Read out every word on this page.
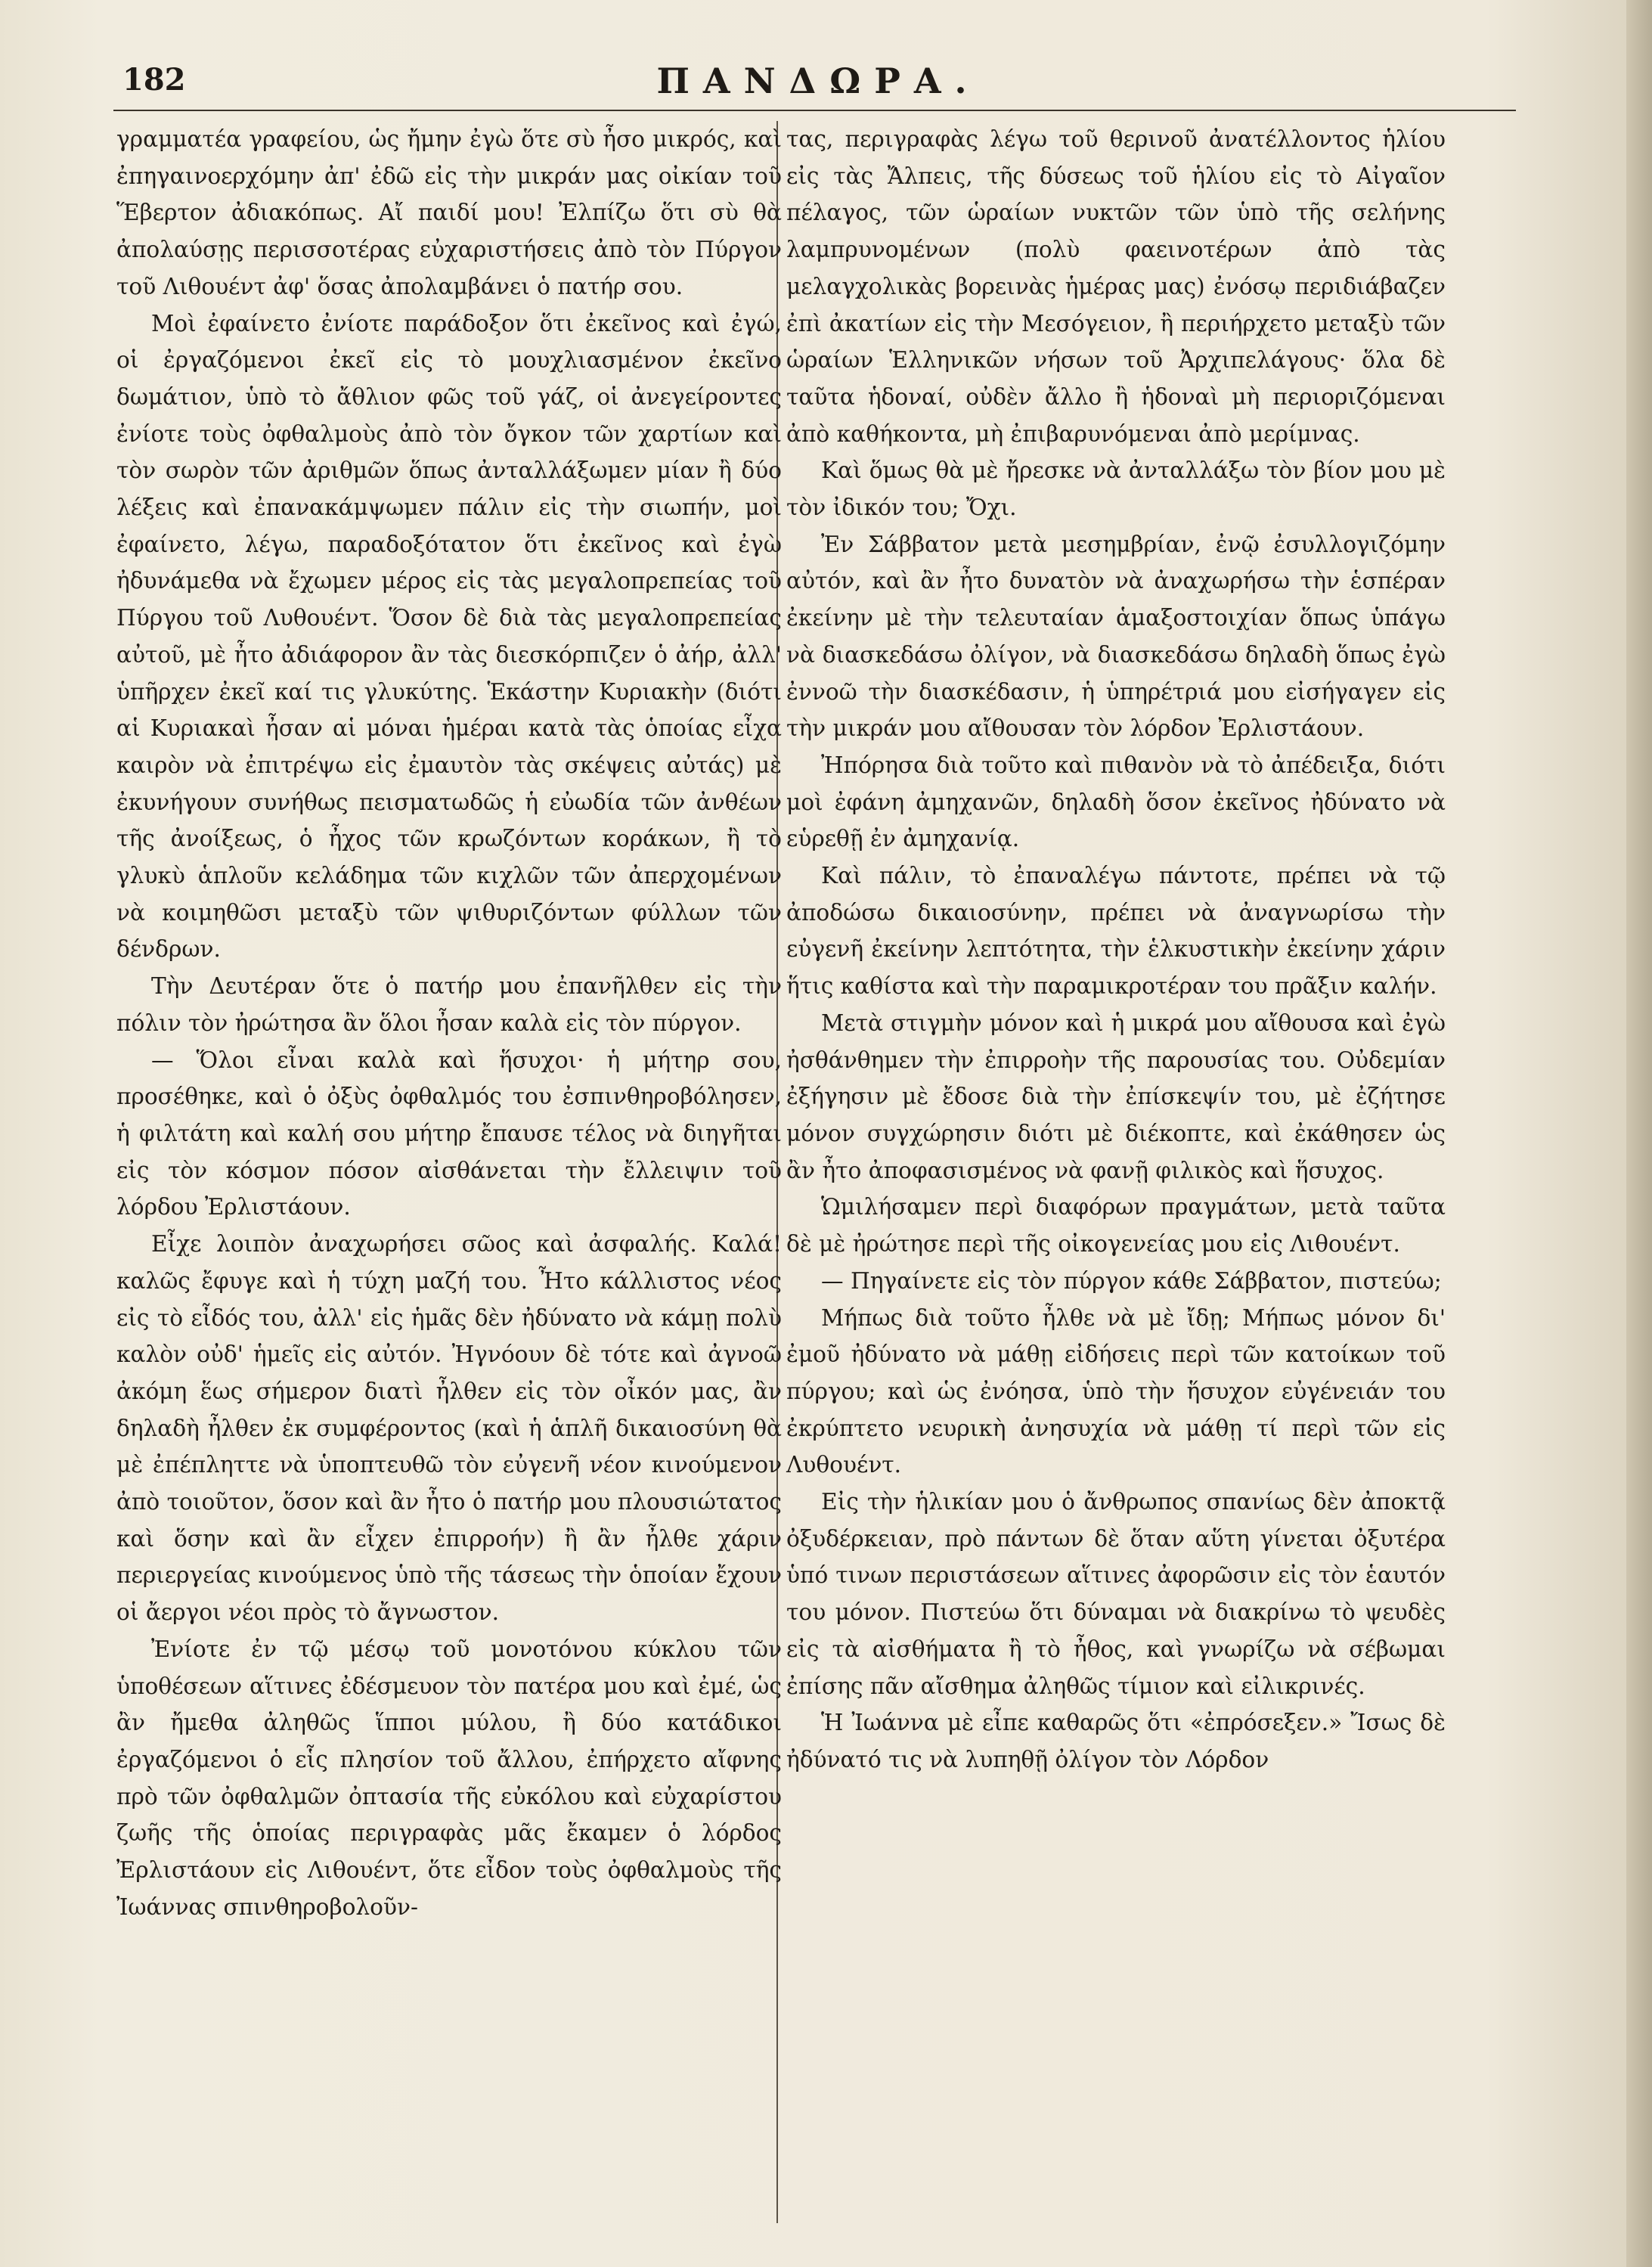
182	ΠΑΝΔΩΡΑ.

γραμματέα γραφείου, ὡς ἤμην ἐγὼ ὅτε σὺ ἦσο μικρός, καὶ ἐπηγαινοερχόμην ἀπ' ἐδῶ εἰς τὴν μικράν μας οἰκίαν τοῦ Ἕβερτον ἀδιακόπως. Αἴ παιδί μου! Ἐλπίζω ὅτι σὺ θὰ ἀπολαύσῃς περισσοτέρας εὐχαριστήσεις ἀπὸ τὸν Πύργον τοῦ Λιθουέντ ἀφ' ὅσας ἀπολαμβάνει ὁ πατήρ σου.

Μοὶ ἐφαίνετο ἐνίοτε παράδοξον ὅτι ἐκεῖνος καὶ ἐγώ, οἱ ἐργαζόμενοι ἐκεῖ εἰς τὸ μουχλιασμένον ἐκεῖνο δωμάτιον, ὑπὸ τὸ ἄθλιον φῶς τοῦ γάζ, οἱ ἀνεγείροντες ἐνίοτε τοὺς ὀφθαλμοὺς ἀπὸ τὸν ὄγκον τῶν χαρτίων καὶ τὸν σωρὸν τῶν ἀριθμῶν ὅπως ἀνταλλάξωμεν μίαν ἢ δύο λέξεις καὶ ἐπανακάμψωμεν πάλιν εἰς τὴν σιωπήν, μοὶ ἐφαίνετο, λέγω, παραδοξότατον ὅτι ἐκεῖνος καὶ ἐγὼ ἠδυνάμεθα νὰ ἔχωμεν μέρος εἰς τὰς μεγαλοπρεπείας τοῦ Πύργου τοῦ Λυθουέντ. Ὅσον δὲ διὰ τὰς μεγαλοπρεπείας αὐτοῦ, μὲ ἦτο ἀδιάφορον ἂν τὰς διεσκόρπιζεν ὁ ἀήρ, ἀλλ' ὑπῆρχεν ἐκεῖ καί τις γλυκύτης. Ἑκάστην Κυριακὴν (διότι αἱ Κυριακαὶ ἦσαν αἱ μόναι ἡμέραι κατὰ τὰς ὁποίας εἶχα καιρὸν νὰ ἐπιτρέψω εἰς ἐμαυτὸν τὰς σκέψεις αὐτάς) μὲ ἐκυνήγουν συνήθως πεισματωδῶς ἡ εὐωδία τῶν ἀνθέων τῆς ἀνοίξεως, ὁ ἦχος τῶν κρωζόντων κοράκων, ἢ τὸ γλυκὺ ἁπλοῦν κελάδημα τῶν κιχλῶν τῶν ἀπερχομένων νὰ κοιμηθῶσι μεταξὺ τῶν ψιθυριζόντων φύλλων τῶν δένδρων.

Τὴν Δευτέραν ὅτε ὁ πατήρ μου ἐπανῆλθεν εἰς τὴν πόλιν τὸν ἠρώτησα ἂν ὅλοι ἦσαν καλὰ εἰς τὸν πύργον.

— Ὅλοι εἶναι καλὰ καὶ ἥσυχοι· ἡ μήτηρ σου, προσέθηκε, καὶ ὁ ὀξὺς ὀφθαλμός του ἐσπινθηροβόλησεν, ἡ φιλτάτη καὶ καλή σου μήτηρ ἔπαυσε τέλος νὰ διηγῆται εἰς τὸν κόσμον πόσον αἰσθάνεται τὴν ἔλλειψιν τοῦ λόρδου Ἐρλιστάουν.

Εἶχε λοιπὸν ἀναχωρήσει σῶος καὶ ἀσφαλής. Καλά! καλῶς ἔφυγε καὶ ἡ τύχη μαζή του. Ἦτο κάλλιστος νέος εἰς τὸ εἶδός του, ἀλλ' εἰς ἡμᾶς δὲν ἠδύνατο νὰ κάμῃ πολὺ καλὸν οὐδ' ἡμεῖς εἰς αὐτόν. Ἠγνόουν δὲ τότε καὶ ἀγνοῶ ἀκόμη ἕως σήμερον διατὶ ἦλθεν εἰς τὸν οἶκόν μας, ἂν δηλαδὴ ἦλθεν ἐκ συμφέροντος (καὶ ἡ ἁπλῆ δικαιοσύνη θὰ μὲ ἐπέπληττε νὰ ὑποπτευθῶ τὸν εὐγενῆ νέον κινούμενον ἀπὸ τοιοῦτον, ὅσον καὶ ἂν ἦτο ὁ πατήρ μου πλουσιώτατος καὶ ὅσην καὶ ἂν εἶχεν ἐπιρροήν) ἢ ἂν ἦλθε χάριν περιεργείας κινούμενος ὑπὸ τῆς τάσεως τὴν ὁποίαν ἔχουν οἱ ἄεργοι νέοι πρὸς τὸ ἄγνωστον.

Ἐνίοτε ἐν τῷ μέσῳ τοῦ μονοτόνου κύκλου τῶν ὑποθέσεων αἵτινες ἐδέσμευον τὸν πατέρα μου καὶ ἐμέ, ὡς ἂν ἤμεθα ἀληθῶς ἵπποι μύλου, ἢ δύο κατάδικοι ἐργαζόμενοι ὁ εἷς πλησίον τοῦ ἄλλου, ἐπήρχετο αἴφνης πρὸ τῶν ὀφθαλμῶν ὀπτασία τῆς εὐκόλου καὶ εὐχαρίστου ζωῆς τῆς ὁποίας περιγραφὰς μᾶς ἔκαμεν ὁ λόρδος Ἐρλιστάουν εἰς Λιθουέντ, ὅτε εἶδον τοὺς ὀφθαλμοὺς τῆς Ἰωάννας σπινθηροβολοῦν-

τας, περιγραφὰς λέγω τοῦ θερινοῦ ἀνατέλλοντος ἡλίου εἰς τὰς Ἄλπεις, τῆς δύσεως τοῦ ἡλίου εἰς τὸ Αἰγαῖον πέλαγος, τῶν ὡραίων νυκτῶν τῶν ὑπὸ τῆς σελήνης λαμπρυνομένων (πολὺ φαεινοτέρων ἀπὸ τὰς μελαγχολικὰς βορεινὰς ἡμέρας μας) ἐνόσῳ περιδιάβαζεν ἐπὶ ἀκατίων εἰς τὴν Μεσόγειον, ἢ περιήρχετο μεταξὺ τῶν ὡραίων Ἑλληνικῶν νήσων τοῦ Ἀρχιπελάγους· ὅλα δὲ ταῦτα ἡδοναί, οὐδὲν ἄλλο ἢ ἡδοναὶ μὴ περιοριζόμεναι ἀπὸ καθήκοντα, μὴ ἐπιβαρυνόμεναι ἀπὸ μερίμνας.

Καὶ ὅμως θὰ μὲ ἤρεσκε νὰ ἀνταλλάξω τὸν βίον μου μὲ τὸν ἰδικόν του; Ὄχι.

Ἐν Σάββατον μετὰ μεσημβρίαν, ἐνῷ ἐσυλλογιζόμην αὐτόν, καὶ ἂν ἦτο δυνατὸν νὰ ἀναχωρήσω τὴν ἑσπέραν ἐκείνην μὲ τὴν τελευταίαν ἁμαξοστοιχίαν ὅπως ὑπάγω νὰ διασκεδάσω ὀλίγον, νὰ διασκεδάσω δηλαδὴ ὅπως ἐγὼ ἐννοῶ τὴν διασκέδασιν, ἡ ὑπηρέτριά μου εἰσήγαγεν εἰς τὴν μικράν μου αἴθουσαν τὸν λόρδον Ἐρλιστάουν.

Ἠπόρησα διὰ τοῦτο καὶ πιθανὸν νὰ τὸ ἀπέδειξα, διότι μοὶ ἐφάνη ἀμηχανῶν, δηλαδὴ ὅσον ἐκεῖνος ἠδύνατο νὰ εὑρεθῇ ἐν ἀμηχανίᾳ.

Καὶ πάλιν, τὸ ἐπαναλέγω πάντοτε, πρέπει νὰ τῷ ἀποδώσω δικαιοσύνην, πρέπει νὰ ἀναγνωρίσω τὴν εὐγενῆ ἐκείνην λεπτότητα, τὴν ἑλκυστικὴν ἐκείνην χάριν ἥτις καθίστα καὶ τὴν παραμικροτέραν του πρᾶξιν καλήν.

Μετὰ στιγμὴν μόνον καὶ ἡ μικρά μου αἴθουσα καὶ ἐγὼ ἠσθάνθημεν τὴν ἐπιρροὴν τῆς παρουσίας του. Οὐδεμίαν ἐξήγησιν μὲ ἔδοσε διὰ τὴν ἐπίσκεψίν του, μὲ ἐζήτησε μόνον συγχώρησιν διότι μὲ διέκοπτε, καὶ ἐκάθησεν ὡς ἂν ἦτο ἀποφασισμένος νὰ φανῇ φιλικὸς καὶ ἥσυχος.

Ὡμιλήσαμεν περὶ διαφόρων πραγμάτων, μετὰ ταῦτα δὲ μὲ ἠρώτησε περὶ τῆς οἰκογενείας μου εἰς Λιθουέντ.

— Πηγαίνετε εἰς τὸν πύργον κάθε Σάββατον, πιστεύω;

Μήπως διὰ τοῦτο ἦλθε νὰ μὲ ἴδῃ; Μήπως μόνον δι' ἐμοῦ ἠδύνατο νὰ μάθῃ εἰδήσεις περὶ τῶν κατοίκων τοῦ πύργου; καὶ ὡς ἐνόησα, ὑπὸ τὴν ἥσυχον εὐγένειάν του ἐκρύπτετο νευρικὴ ἀνησυχία νὰ μάθῃ τί περὶ τῶν εἰς Λυθουέντ.

Εἰς τὴν ἡλικίαν μου ὁ ἄνθρωπος σπανίως δὲν ἀποκτᾷ ὀξυδέρκειαν, πρὸ πάντων δὲ ὅταν αὕτη γίνεται ὀξυτέρα ὑπό τινων περιστάσεων αἵτινες ἀφορῶσιν εἰς τὸν ἑαυτόν του μόνον. Πιστεύω ὅτι δύναμαι νὰ διακρίνω τὸ ψευδὲς εἰς τὰ αἰσθήματα ἢ τὸ ἦθος, καὶ γνωρίζω νὰ σέβωμαι ἐπίσης πᾶν αἴσθημα ἀληθῶς τίμιον καὶ εἰλικρινές.

Ἡ Ἰωάννα μὲ εἶπε καθαρῶς ὅτι «ἐπρόσεξεν.» Ἴσως δὲ ἠδύνατό τις νὰ λυπηθῇ ὀλίγον τὸν Λόρδον
